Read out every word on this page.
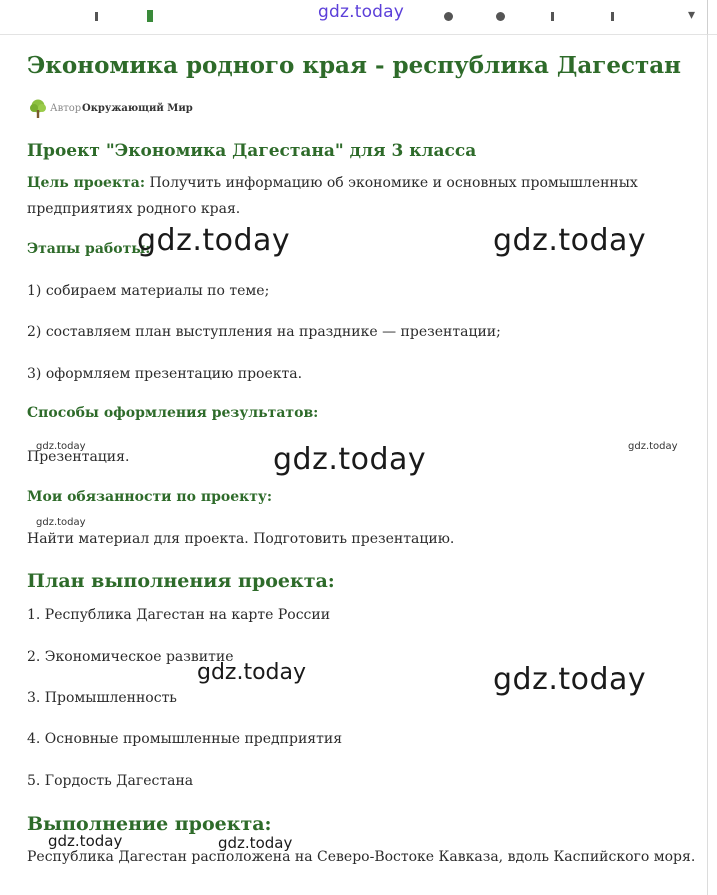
▾
gdz.today
Экономика родного края - республика Дагестан
Автор Окружающий Мир
Проект "Экономика Дагестана" для 3 класса
Цель проекта: Получить информацию об экономике и основных промышленных предприятиях родного края.
Этапы работы:
1) собираем материалы по теме;
2) составляем план выступления на празднике — презентации;
3) оформляем презентацию проекта.
Способы оформления результатов:
Презентация.
Мои обязанности по проекту:
Найти материал для проекта. Подготовить презентацию.
План выполнения проекта:
1. Республика Дагестан на карте России
2. Экономическое развитие
3. Промышленность
4. Основные промышленные предприятия
5. Гордость Дагестана
Выполнение проекта:
Республика Дагестан расположена на Северо-Востоке Кавказа, вдоль Каспийского моря.
gdz.today	gdz.today
gdz.today
gdz.today	gdz.today
gdz.today
gdz.today	gdz.today
gdz.today	gdz.today
